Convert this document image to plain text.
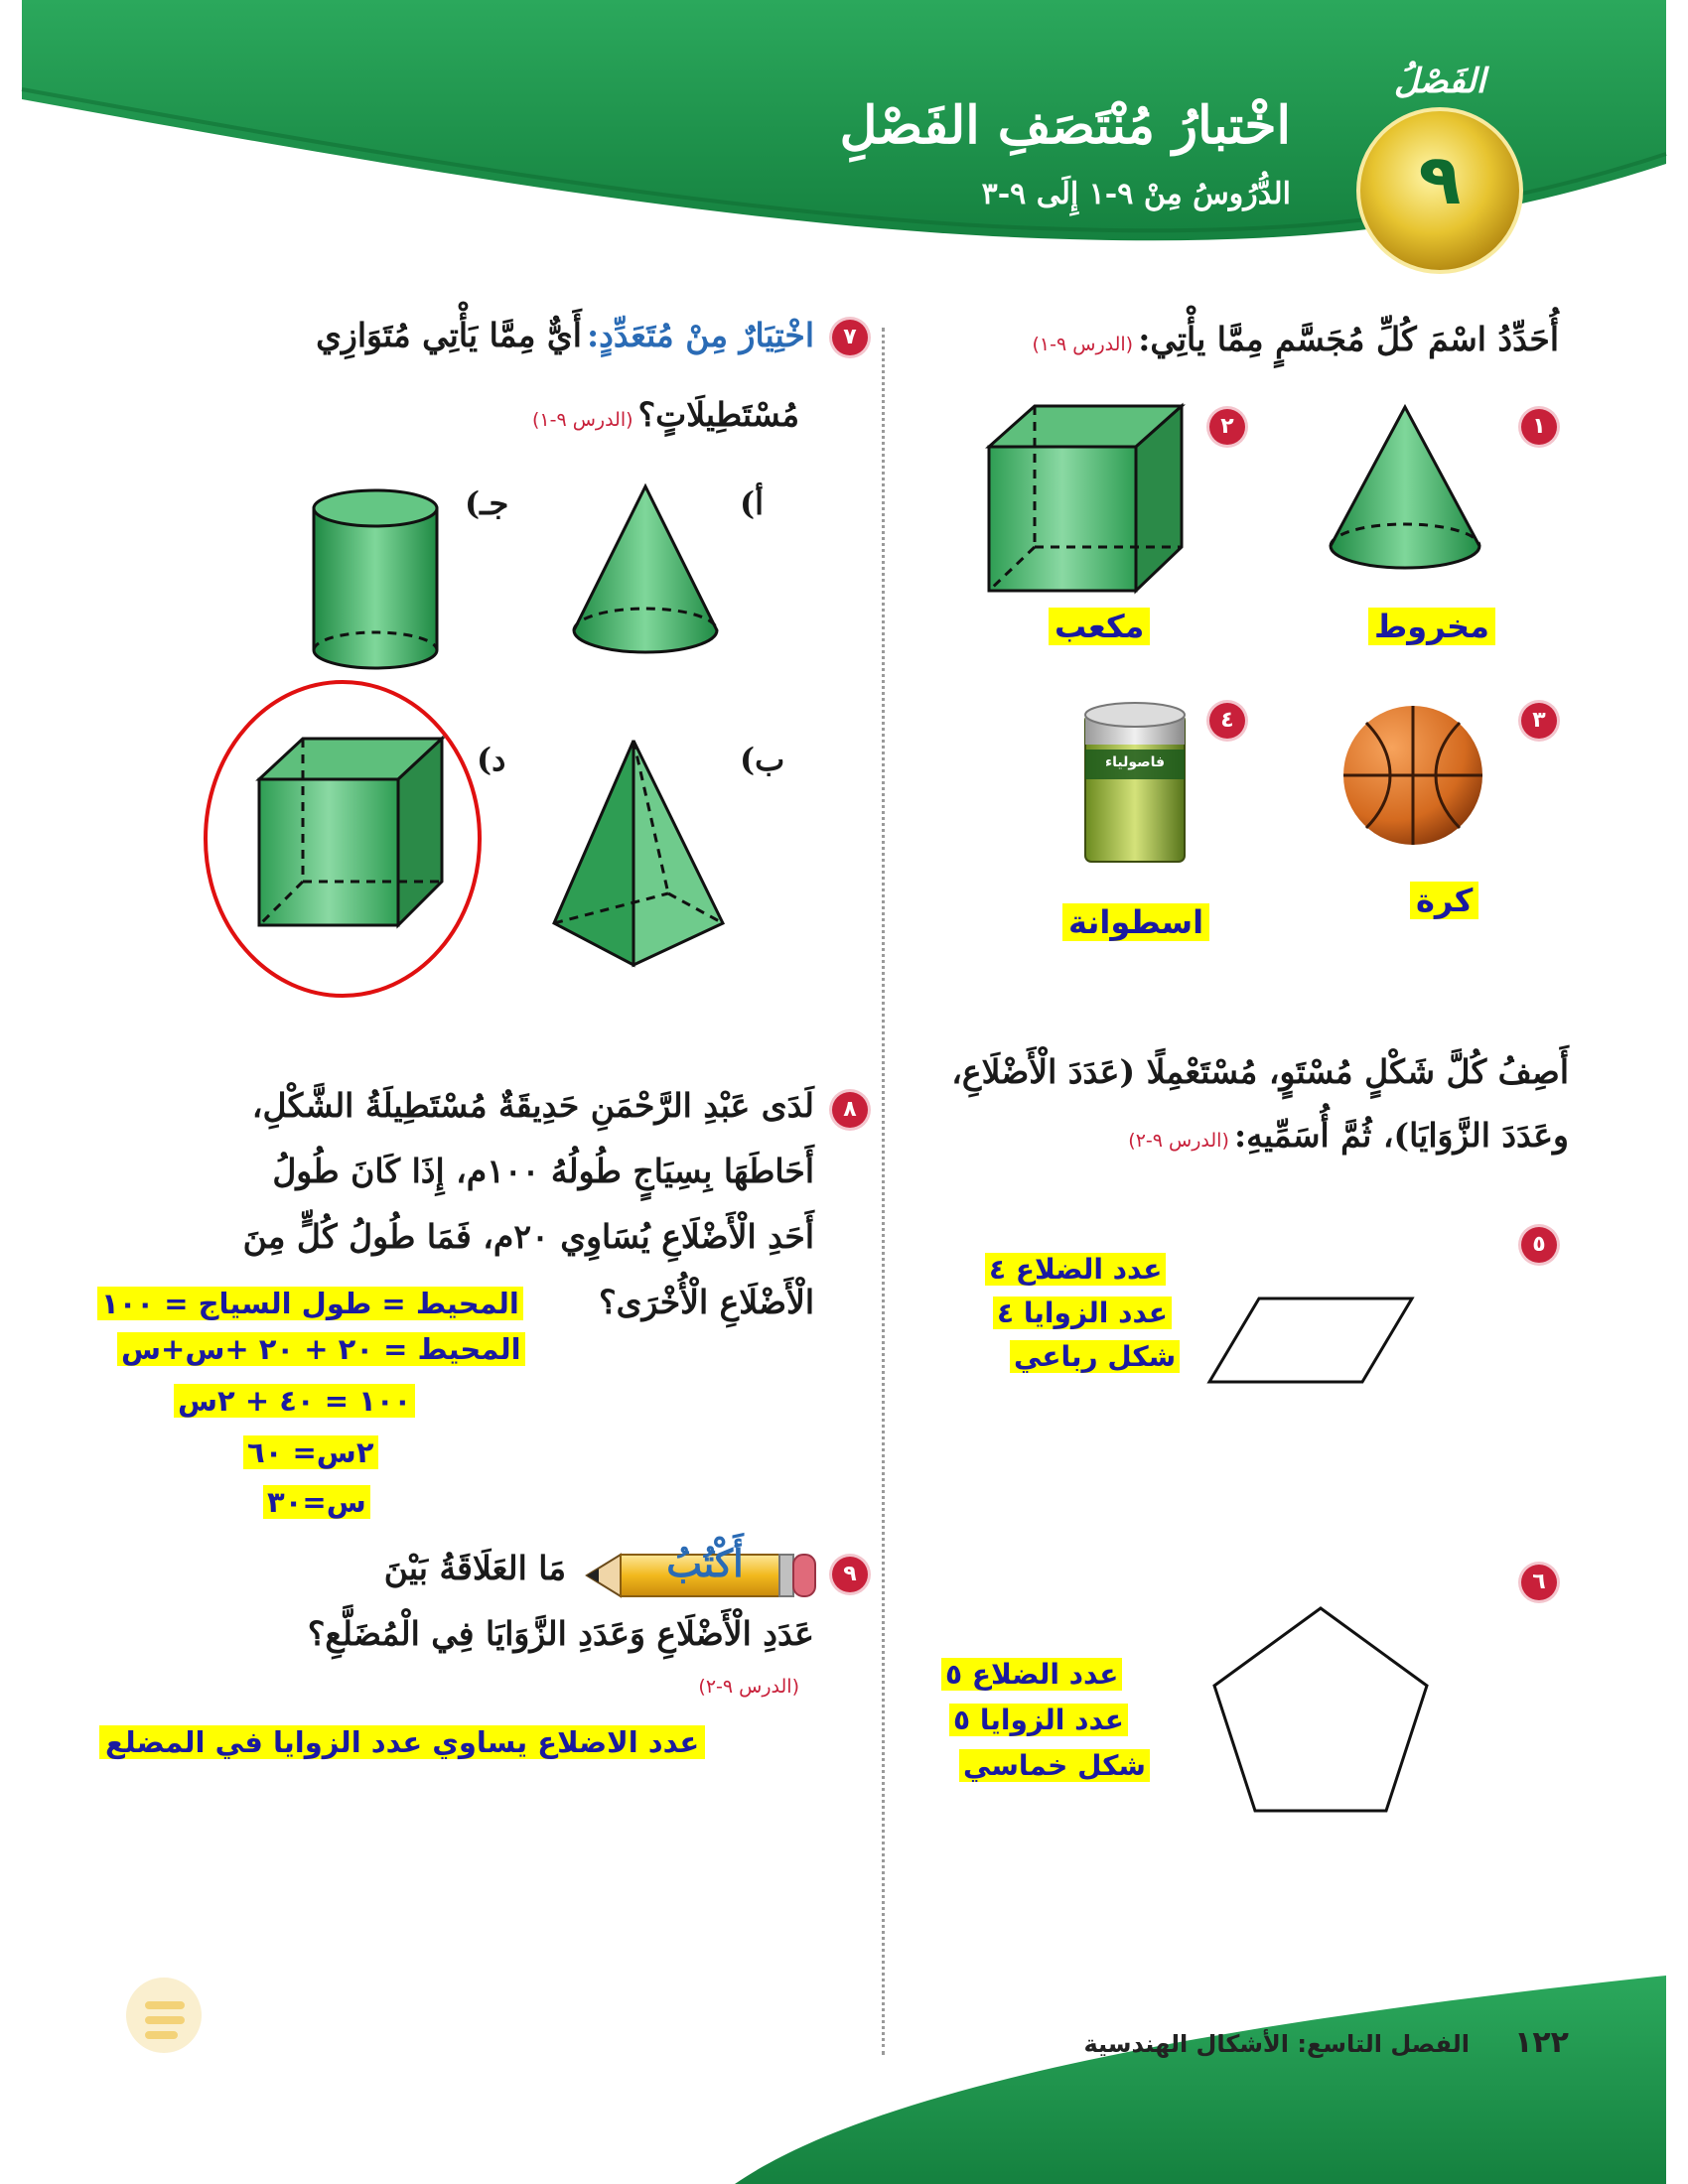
الفَصْلُ
٩
اخْتبارُ مُنْتَصَفِ الفَصْلِ
الدُّرُوسُ مِنْ ٩-١ إِلَى ٩-٣
أُحَدِّدُ اسْمَ كُلِّ مُجَسَّمٍ مِمَّا يأْتِي: (الدرس ٩-١)
١
مخروط
٢
مكعب
٣
كرة
٤
فاصولياء
اسطوانة
أَصِفُ كُلَّ شَكْلٍ مُسْتَوٍ، مُسْتَعْمِلًا (عَدَدَ الْأَضْلَاعِ،
وعَدَدَ الزَّوَايَا)، ثُمَّ أُسَمِّيهِ: (الدرس ٩-٢)
٥
عدد الضلاع ٤
عدد الزوايا ٤
شكل رباعي
٦
عدد الضلاع ٥
عدد الزوايا ٥
شكل خماسي
٧
اخْتِيَارٌ مِنْ مُتَعَدِّدٍ: أَيٌّ مِمَّا يَأْتِي مُتَوَازِي
مُسْتَطِيلَاتٍ؟ (الدرس ٩-١)
أ)
جـ)
ب)
د)
٨
لَدَى عَبْدِ الرَّحْمَنِ حَدِيقَةٌ مُسْتَطِيلَةُ الشَّكْلِ،
أَحَاطَهَا بِسِيَاجٍ طُولُهُ ١٠٠م، إِذَا كَانَ طُولُ
أَحَدِ الْأَضْلَاعِ يُسَاوِي ٢٠م، فَمَا طُولُ كُلٍّ مِنَ
الْأَضْلَاعِ الْأُخْرَى؟
المحيط = طول السياج = ١٠٠
المحيط = ٢٠ + ٢٠ +س+س
١٠٠ = ٤٠ + ٢س
٢س= ٦٠
س=٣٠
٩
أَكْتُبُ
مَا العَلَاقَةُ بَيْنَ
عَدَدِ الْأَضْلَاعِ وَعَدَدِ الزَّوَايَا فِي الْمُضَلَّعِ؟
(الدرس ٩-٢)
عدد الاضلاع يساوي عدد الزوايا في المضلع
١٢٢ الفصل التاسع: الأشكال الهندسية
